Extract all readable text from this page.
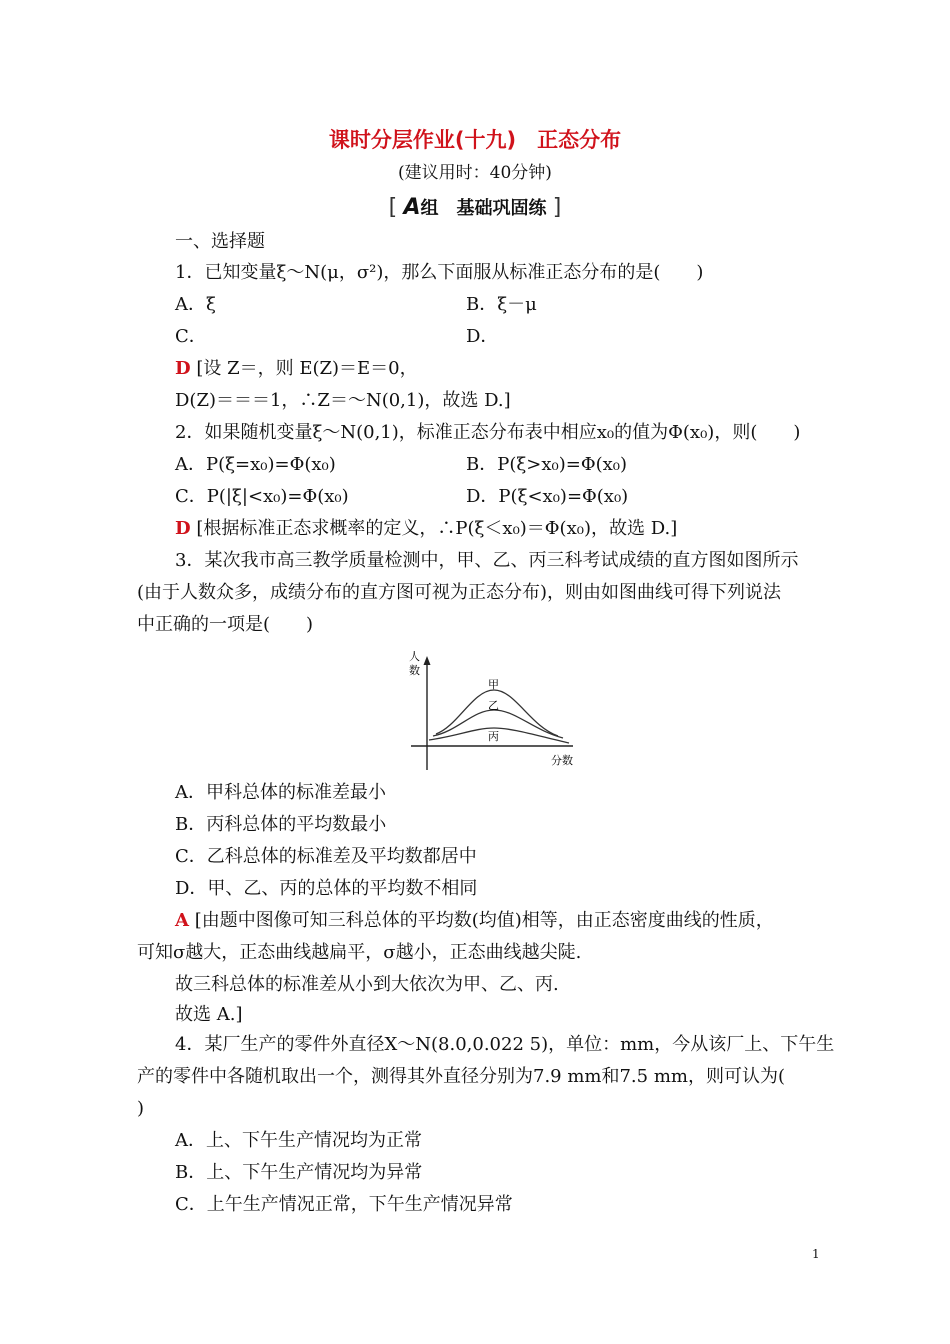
课时分层作业(十九)　正态分布
(建议用时：40分钟)
[ A组　基础巩固练 ]
一、选择题
1．已知变量ξ～N(μ，σ²)，那么下面服从标准正态分布的是(　　)
A．ξ	B．ξ－μ
C．	D．
D [设 Z＝，则 E(Z)＝E＝0，
D(Z)＝＝＝1，∴Z＝～N(0,1)，故选 D.]
2．如果随机变量ξ～N(0,1)，标准正态分布表中相应x₀的值为Φ(x₀)，则(　　)
A．P(ξ=x₀)=Φ(x₀)	B．P(ξ>x₀)=Φ(x₀)
C．P(|ξ|<x₀)=Φ(x₀)	D．P(ξ<x₀)=Φ(x₀)
D [根据标准正态求概率的定义，∴P(ξ＜x₀)＝Φ(x₀)，故选 D.]
3．某次我市高三教学质量检测中，甲、乙、丙三科考试成绩的直方图如图所示
(由于人数众多，成绩分布的直方图可视为正态分布)，则由如图曲线可得下列说法
中正确的一项是(　　)
人
数
分数
甲
乙
丙
A．甲科总体的标准差最小
B．丙科总体的平均数最小
C．乙科总体的标准差及平均数都居中
D．甲、乙、丙的总体的平均数不相同
A [由题中图像可知三科总体的平均数(均值)相等，由正态密度曲线的性质，
可知σ越大，正态曲线越扁平，σ越小，正态曲线越尖陡.
故三科总体的标准差从小到大依次为甲、乙、丙.
故选 A.]
4．某厂生产的零件外直径X～N(8.0,0.022 5)，单位：mm，今从该厂上、下午生
产的零件中各随机取出一个，测得其外直径分别为7.9 mm和7.5 mm，则可认为(
)
A．上、下午生产情况均为正常
B．上、下午生产情况均为异常
C．上午生产情况正常，下午生产情况异常
1
